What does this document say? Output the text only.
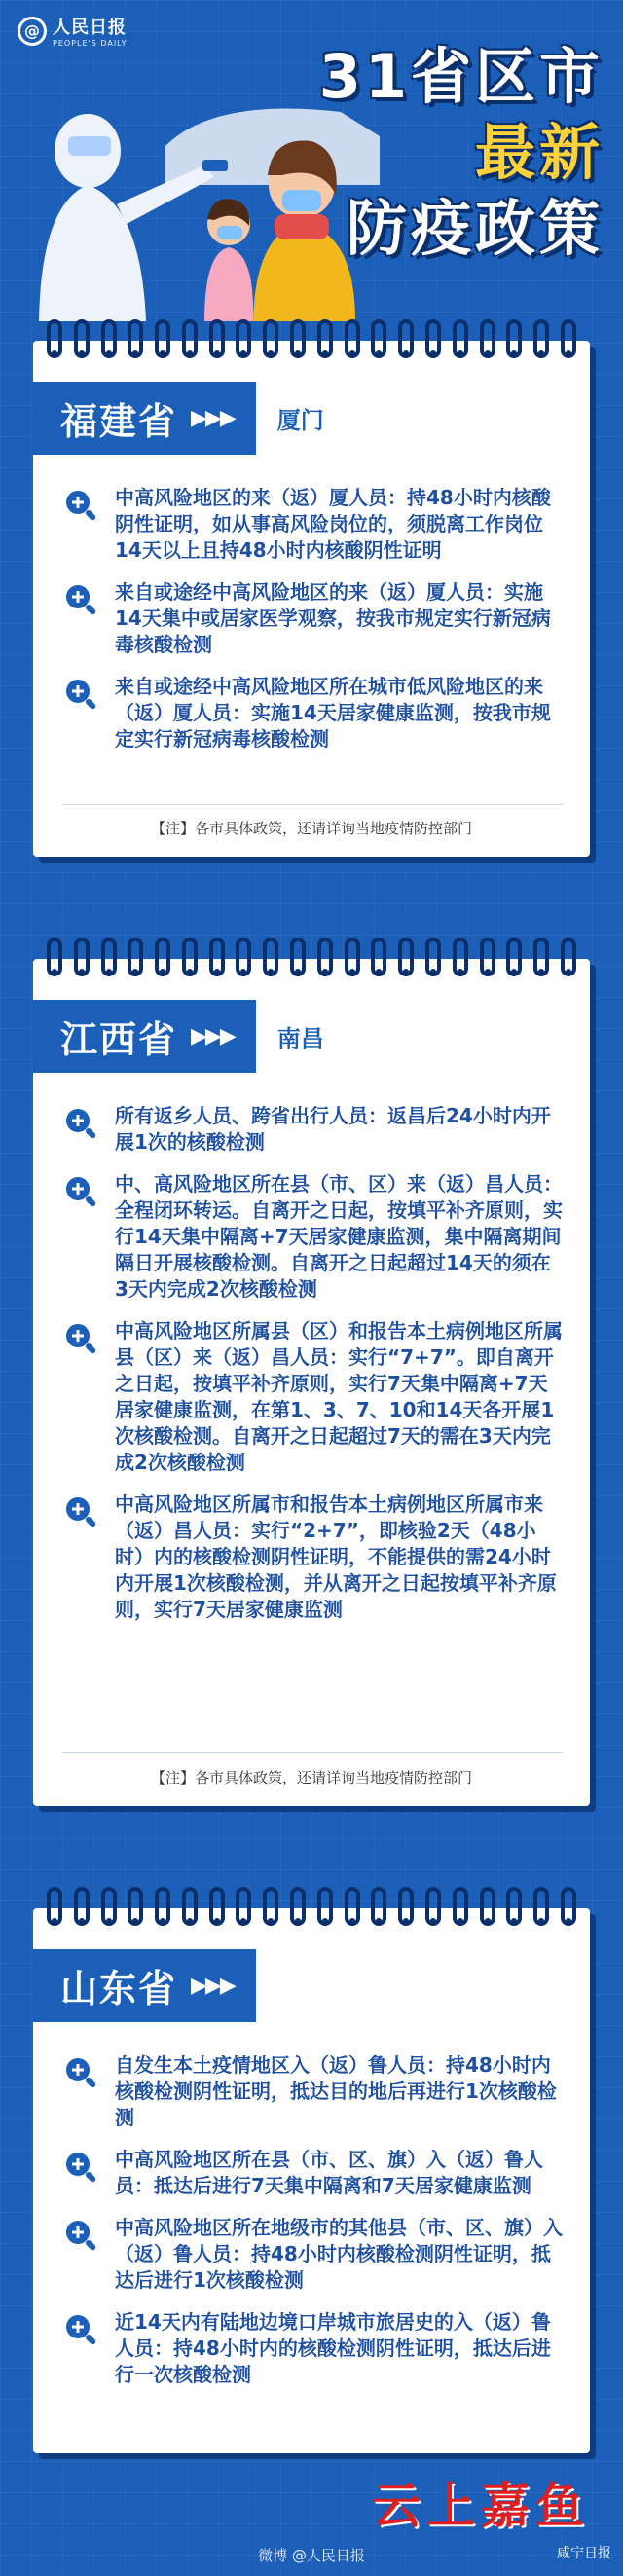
@ 人民日报
PEOPLE'S DAILY	31省区市
最新
防疫政策
福建省 ▶▶▶ 厦门
中高风险地区的来（返）厦人员：持48小时内核酸阴性证明，如从事高风险岗位的，须脱离工作岗位14天以上且持48小时内核酸阴性证明
来自或途经中高风险地区的来（返）厦人员：实施14天集中或居家医学观察，按我市规定实行新冠病毒核酸检测
来自或途经中高风险地区所在城市低风险地区的来（返）厦人员：实施14天居家健康监测，按我市规定实行新冠病毒核酸检测
【注】各市具体政策，还请详询当地疫情防控部门
江西省 ▶▶▶ 南昌
所有返乡人员、跨省出行人员：返昌后24小时内开展1次的核酸检测
中、高风险地区所在县（市、区）来（返）昌人员：全程闭环转运。自离开之日起，按填平补齐原则，实行14天集中隔离+7天居家健康监测，集中隔离期间隔日开展核酸检测。自离开之日起超过14天的须在3天内完成2次核酸检测
中高风险地区所属县（区）和报告本土病例地区所属县（区）来（返）昌人员：实行“7+7”。即自离开之日起，按填平补齐原则，实行7天集中隔离+7天居家健康监测，在第1、3、7、10和14天各开展1次核酸检测。自离开之日起超过7天的需在3天内完成2次核酸检测
中高风险地区所属市和报告本土病例地区所属市来（返）昌人员：实行“2+7”，即核验2天（48小时）内的核酸检测阴性证明，不能提供的需24小时内开展1次核酸检测，并从离开之日起按填平补齐原则，实行7天居家健康监测
【注】各市具体政策，还请详询当地疫情防控部门
山东省 ▶▶▶
自发生本土疫情地区入（返）鲁人员：持48小时内核酸检测阴性证明，抵达目的地后再进行1次核酸检测
中高风险地区所在县（市、区、旗）入（返）鲁人员：抵达后进行7天集中隔离和7天居家健康监测
中高风险地区所在地级市的其他县（市、区、旗）入（返）鲁人员：持48小时内核酸检测阴性证明，抵达后进行1次核酸检测
近14天内有陆地边境口岸城市旅居史的入（返）鲁人员：持48小时内的核酸检测阴性证明，抵达后进行一次核酸检测
云上嘉鱼
微博 @人民日报	咸宁日报
